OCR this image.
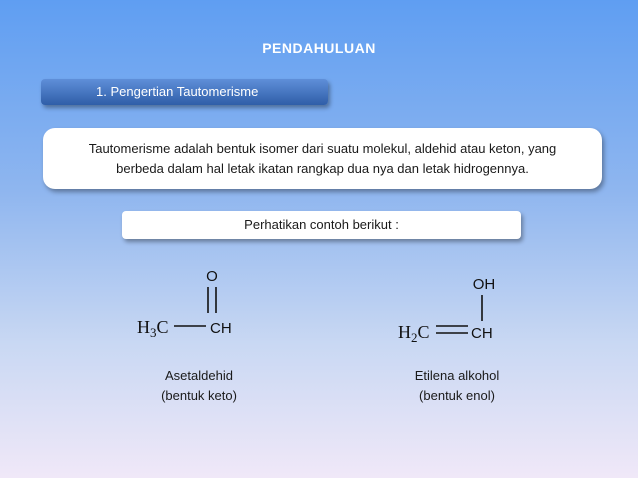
PENDAHULUAN
1. Pengertian Tautomerisme
Tautomerisme adalah bentuk isomer dari suatu molekul, aldehid atau keton, yang
berbeda dalam hal letak ikatan rangkap dua nya dan letak hidrogennya.
Perhatikan contoh berikut :
O
$H_3C$	CH
OH
$H_2C$	CH
Asetaldehid
(bentuk keto)
Etilena alkohol
(bentuk enol)
